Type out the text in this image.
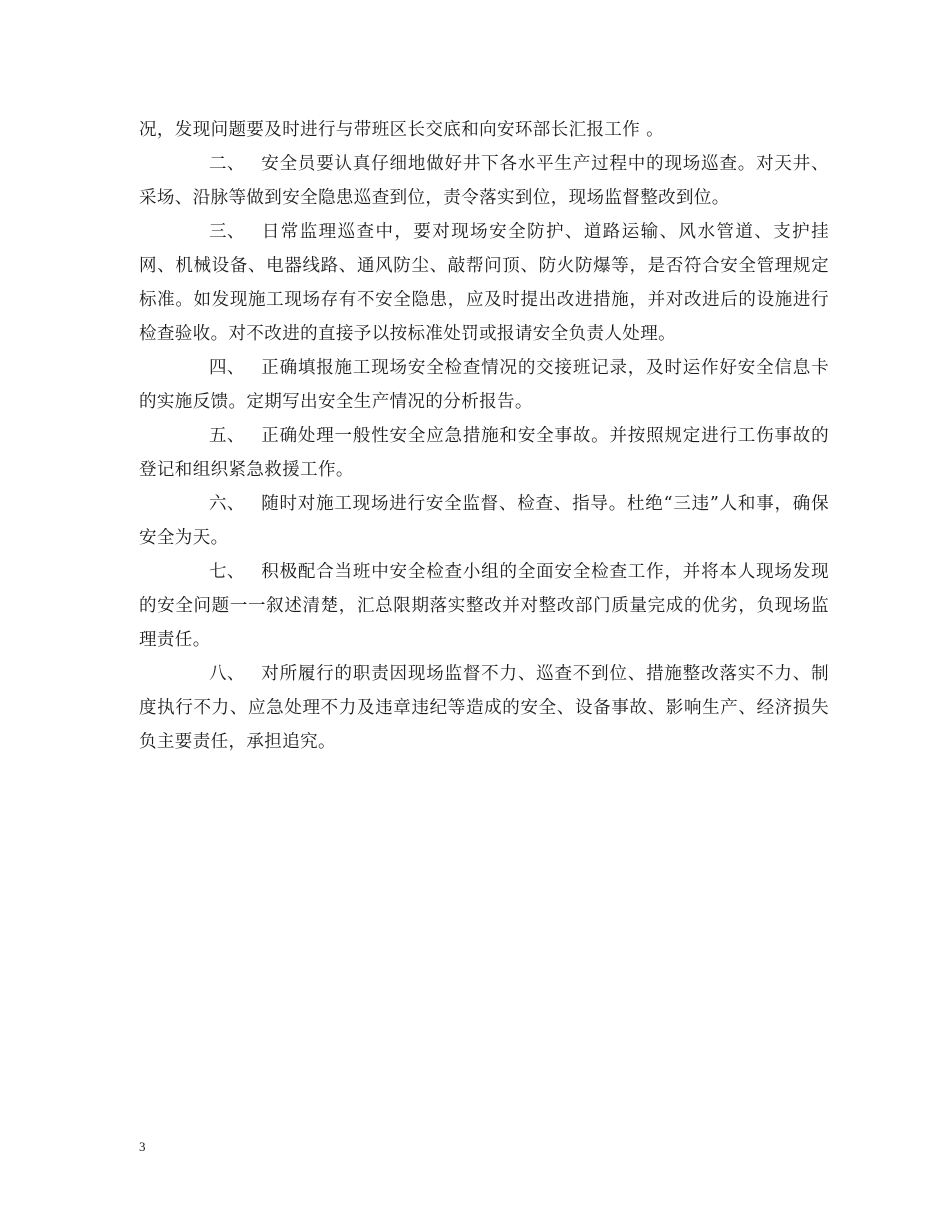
况，发现问题要及时进行与带班区长交底和向安环部长汇报工作 。

二、 安全员要认真仔细地做好井下各水平生产过程中的现场巡查。对天井、采场、沿脉等做到安全隐患巡查到位，责令落实到位，现场监督整改到位。

三、 日常监理巡查中，要对现场安全防护、道路运输、风水管道、支护挂网、机械设备、电器线路、通风防尘、敲帮问顶、防火防爆等，是否符合安全管理规定标准。如发现施工现场存有不安全隐患，应及时提出改进措施，并对改进后的设施进行检查验收。对不改进的直接予以按标准处罚或报请安全负责人处理。

四、 正确填报施工现场安全检查情况的交接班记录，及时运作好安全信息卡的实施反馈。定期写出安全生产情况的分析报告。

五、 正确处理一般性安全应急措施和安全事故。并按照规定进行工伤事故的登记和组织紧急救援工作。

六、 随时对施工现场进行安全监督、检查、指导。杜绝“三违”人和事，确保安全为天。

七、 积极配合当班中安全检查小组的全面安全检查工作，并将本人现场发现的安全问题一一叙述清楚，汇总限期落实整改并对整改部门质量完成的优劣，负现场监理责任。

八、 对所履行的职责因现场监督不力、巡查不到位、措施整改落实不力、制度执行不力、应急处理不力及违章违纪等造成的安全、设备事故、影响生产、经济损失负主要责任，承担追究。

3
